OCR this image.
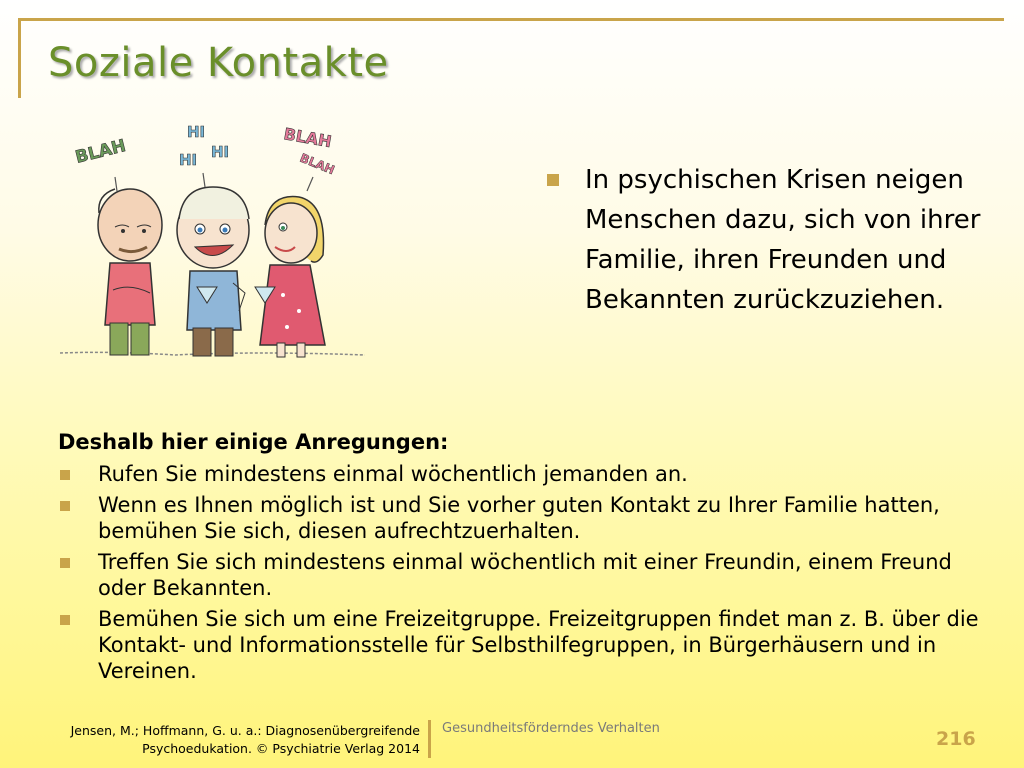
Soziale Kontakte
BLAH
HI
HI HI
BLAH
BLAH
In psychischen Krisen neigen Menschen dazu, sich von ihrer Familie, ihren Freunden und Bekannten zurückzuziehen.
Deshalb hier einige Anregungen:
Rufen Sie mindestens einmal wöchentlich jemanden an.
Wenn es Ihnen möglich ist und Sie vorher guten Kontakt zu Ihrer Familie hatten, bemühen Sie sich, diesen aufrechtzuerhalten.
Treffen Sie sich mindestens einmal wöchentlich mit einer Freundin, einem Freund oder Bekannten.
Bemühen Sie sich um eine Freizeitgruppe. Freizeitgruppen findet man z. B. über die Kontakt- und Informationsstelle für Selbsthilfegruppen, in Bürgerhäusern und in Vereinen.
Jensen, M.; Hoffmann, G. u. a.: Diagnosenübergreifende
Psychoedukation. © Psychiatrie Verlag 2014
Gesundheitsförderndes Verhalten	216
